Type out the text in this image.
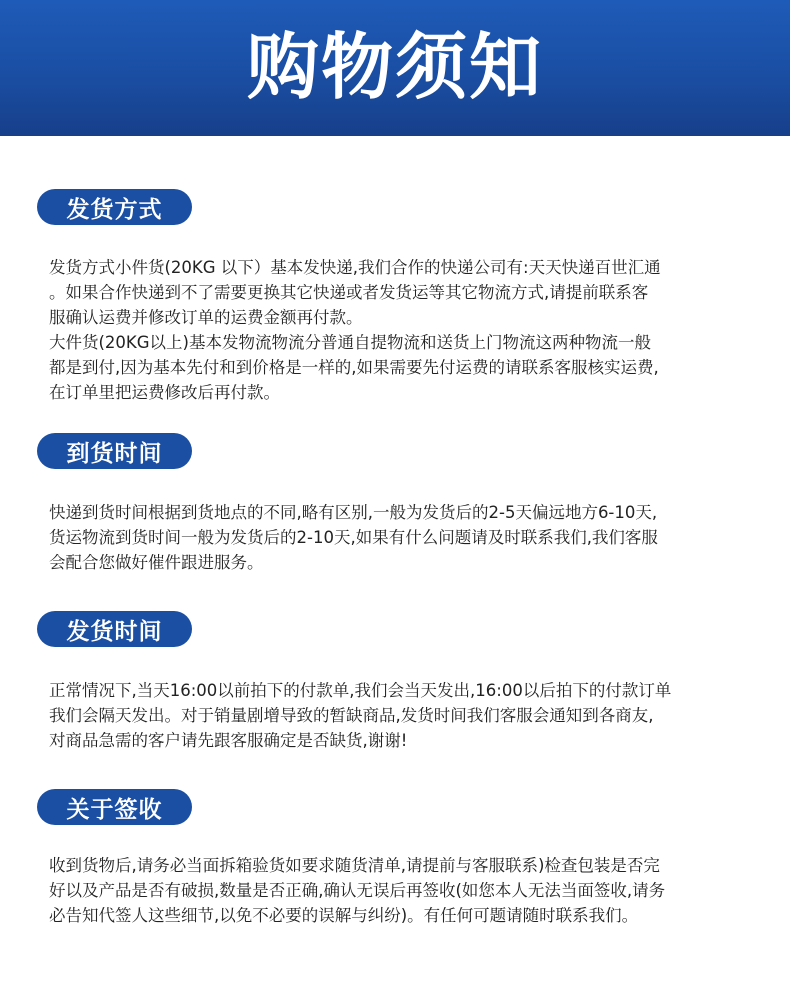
购物须知
发货方式

发货方式小件货(20KG 以下）基本发快递,我们合作的快递公司有:天天快递百世汇通

。如果合作快递到不了需要更换其它快递或者发货运等其它物流方式,请提前联系客

服确认运费并修改订单的运费金额再付款。

大件货(20KG以上)基本发物流物流分普通自提物流和送货上门物流这两种物流一般

都是到付,因为基本先付和到价格是一样的,如果需要先付运费的请联系客服核实运费,

在订单里把运费修改后再付款。

到货时间

快递到货时间根据到货地点的不同,略有区别,一般为发货后的2-5天偏远地方6-10天,

货运物流到货时间一般为发货后的2-10天,如果有什么问题请及时联系我们,我们客服

会配合您做好催件跟进服务。

发货时间

正常情况下,当天16:00以前拍下的付款单,我们会当天发出,16:00以后拍下的付款订单

我们会隔天发出。对于销量剧增导致的暂缺商品,发货时间我们客服会通知到各商友,

对商品急需的客户请先跟客服确定是否缺货,谢谢!

关于签收

收到货物后,请务必当面拆箱验货如要求随货清单,请提前与客服联系)检查包装是否完

好以及产品是否有破损,数量是否正确,确认无误后再签收(如您本人无法当面签收,请务

必告知代签人这些细节,以免不必要的误解与纠纷)。有任何可题请随时联系我们。
